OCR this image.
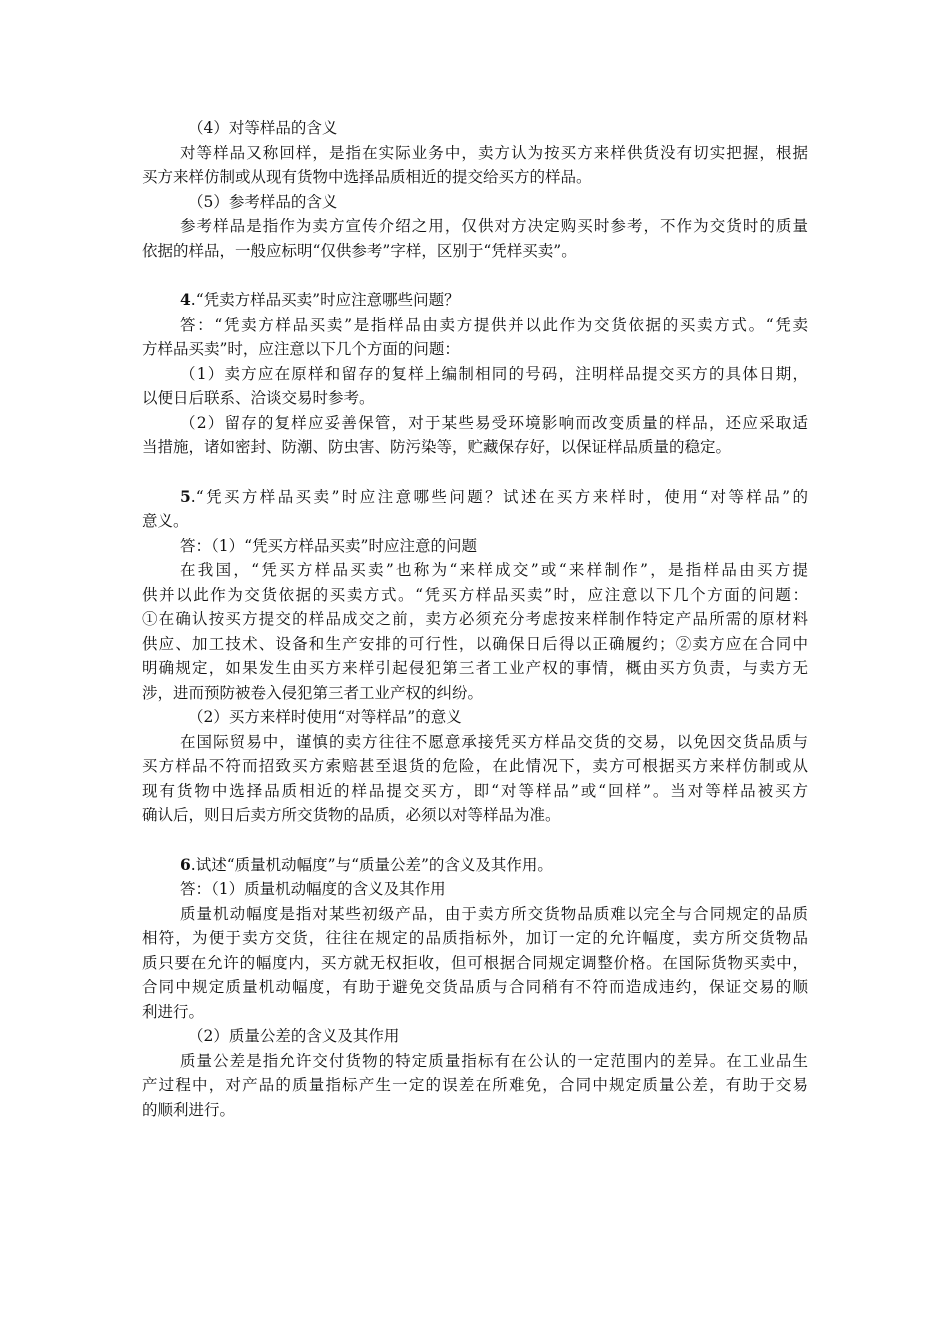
（4）对等样品的含义
对等样品又称回样，是指在实际业务中，卖方认为按买方来样供货没有切实把握，根据
买方来样仿制或从现有货物中选择品质相近的提交给买方的样品。
（5）参考样品的含义
参考样品是指作为卖方宣传介绍之用，仅供对方决定购买时参考，不作为交货时的质量
依据的样品，一般应标明“仅供参考”字样，区别于“凭样买卖”。
4.“凭卖方样品买卖”时应注意哪些问题？
答：“凭卖方样品买卖”是指样品由卖方提供并以此作为交货依据的买卖方式。“凭卖
方样品买卖”时，应注意以下几个方面的问题：
（1）卖方应在原样和留存的复样上编制相同的号码，注明样品提交买方的具体日期，
以便日后联系、洽谈交易时参考。
（2）留存的复样应妥善保管，对于某些易受环境影响而改变质量的样品，还应采取适
当措施，诸如密封、防潮、防虫害、防污染等，贮藏保存好，以保证样品质量的稳定。
5.“凭买方样品买卖”时应注意哪些问题？试述在买方来样时，使用“对等样品”的
意义。
答：（1）“凭买方样品买卖”时应注意的问题
在我国，“凭买方样品买卖”也称为“来样成交”或“来样制作”，是指样品由买方提
供并以此作为交货依据的买卖方式。“凭买方样品买卖”时，应注意以下几个方面的问题：
①在确认按买方提交的样品成交之前，卖方必须充分考虑按来样制作特定产品所需的原材料
供应、加工技术、设备和生产安排的可行性，以确保日后得以正确履约；②卖方应在合同中
明确规定，如果发生由买方来样引起侵犯第三者工业产权的事情，概由买方负责，与卖方无
涉，进而预防被卷入侵犯第三者工业产权的纠纷。
（2）买方来样时使用“对等样品”的意义
在国际贸易中，谨慎的卖方往往不愿意承接凭买方样品交货的交易，以免因交货品质与
买方样品不符而招致买方索赔甚至退货的危险，在此情况下，卖方可根据买方来样仿制或从
现有货物中选择品质相近的样品提交买方，即“对等样品”或“回样”。当对等样品被买方
确认后，则日后卖方所交货物的品质，必须以对等样品为准。
6.试述“质量机动幅度”与“质量公差”的含义及其作用。
答：（1）质量机动幅度的含义及其作用
质量机动幅度是指对某些初级产品，由于卖方所交货物品质难以完全与合同规定的品质
相符，为便于卖方交货，往往在规定的品质指标外，加订一定的允许幅度，卖方所交货物品
质只要在允许的幅度内，买方就无权拒收，但可根据合同规定调整价格。在国际货物买卖中，
合同中规定质量机动幅度，有助于避免交货品质与合同稍有不符而造成违约，保证交易的顺
利进行。
（2）质量公差的含义及其作用
质量公差是指允许交付货物的特定质量指标有在公认的一定范围内的差异。在工业品生
产过程中，对产品的质量指标产生一定的误差在所难免，合同中规定质量公差，有助于交易
的顺利进行。
